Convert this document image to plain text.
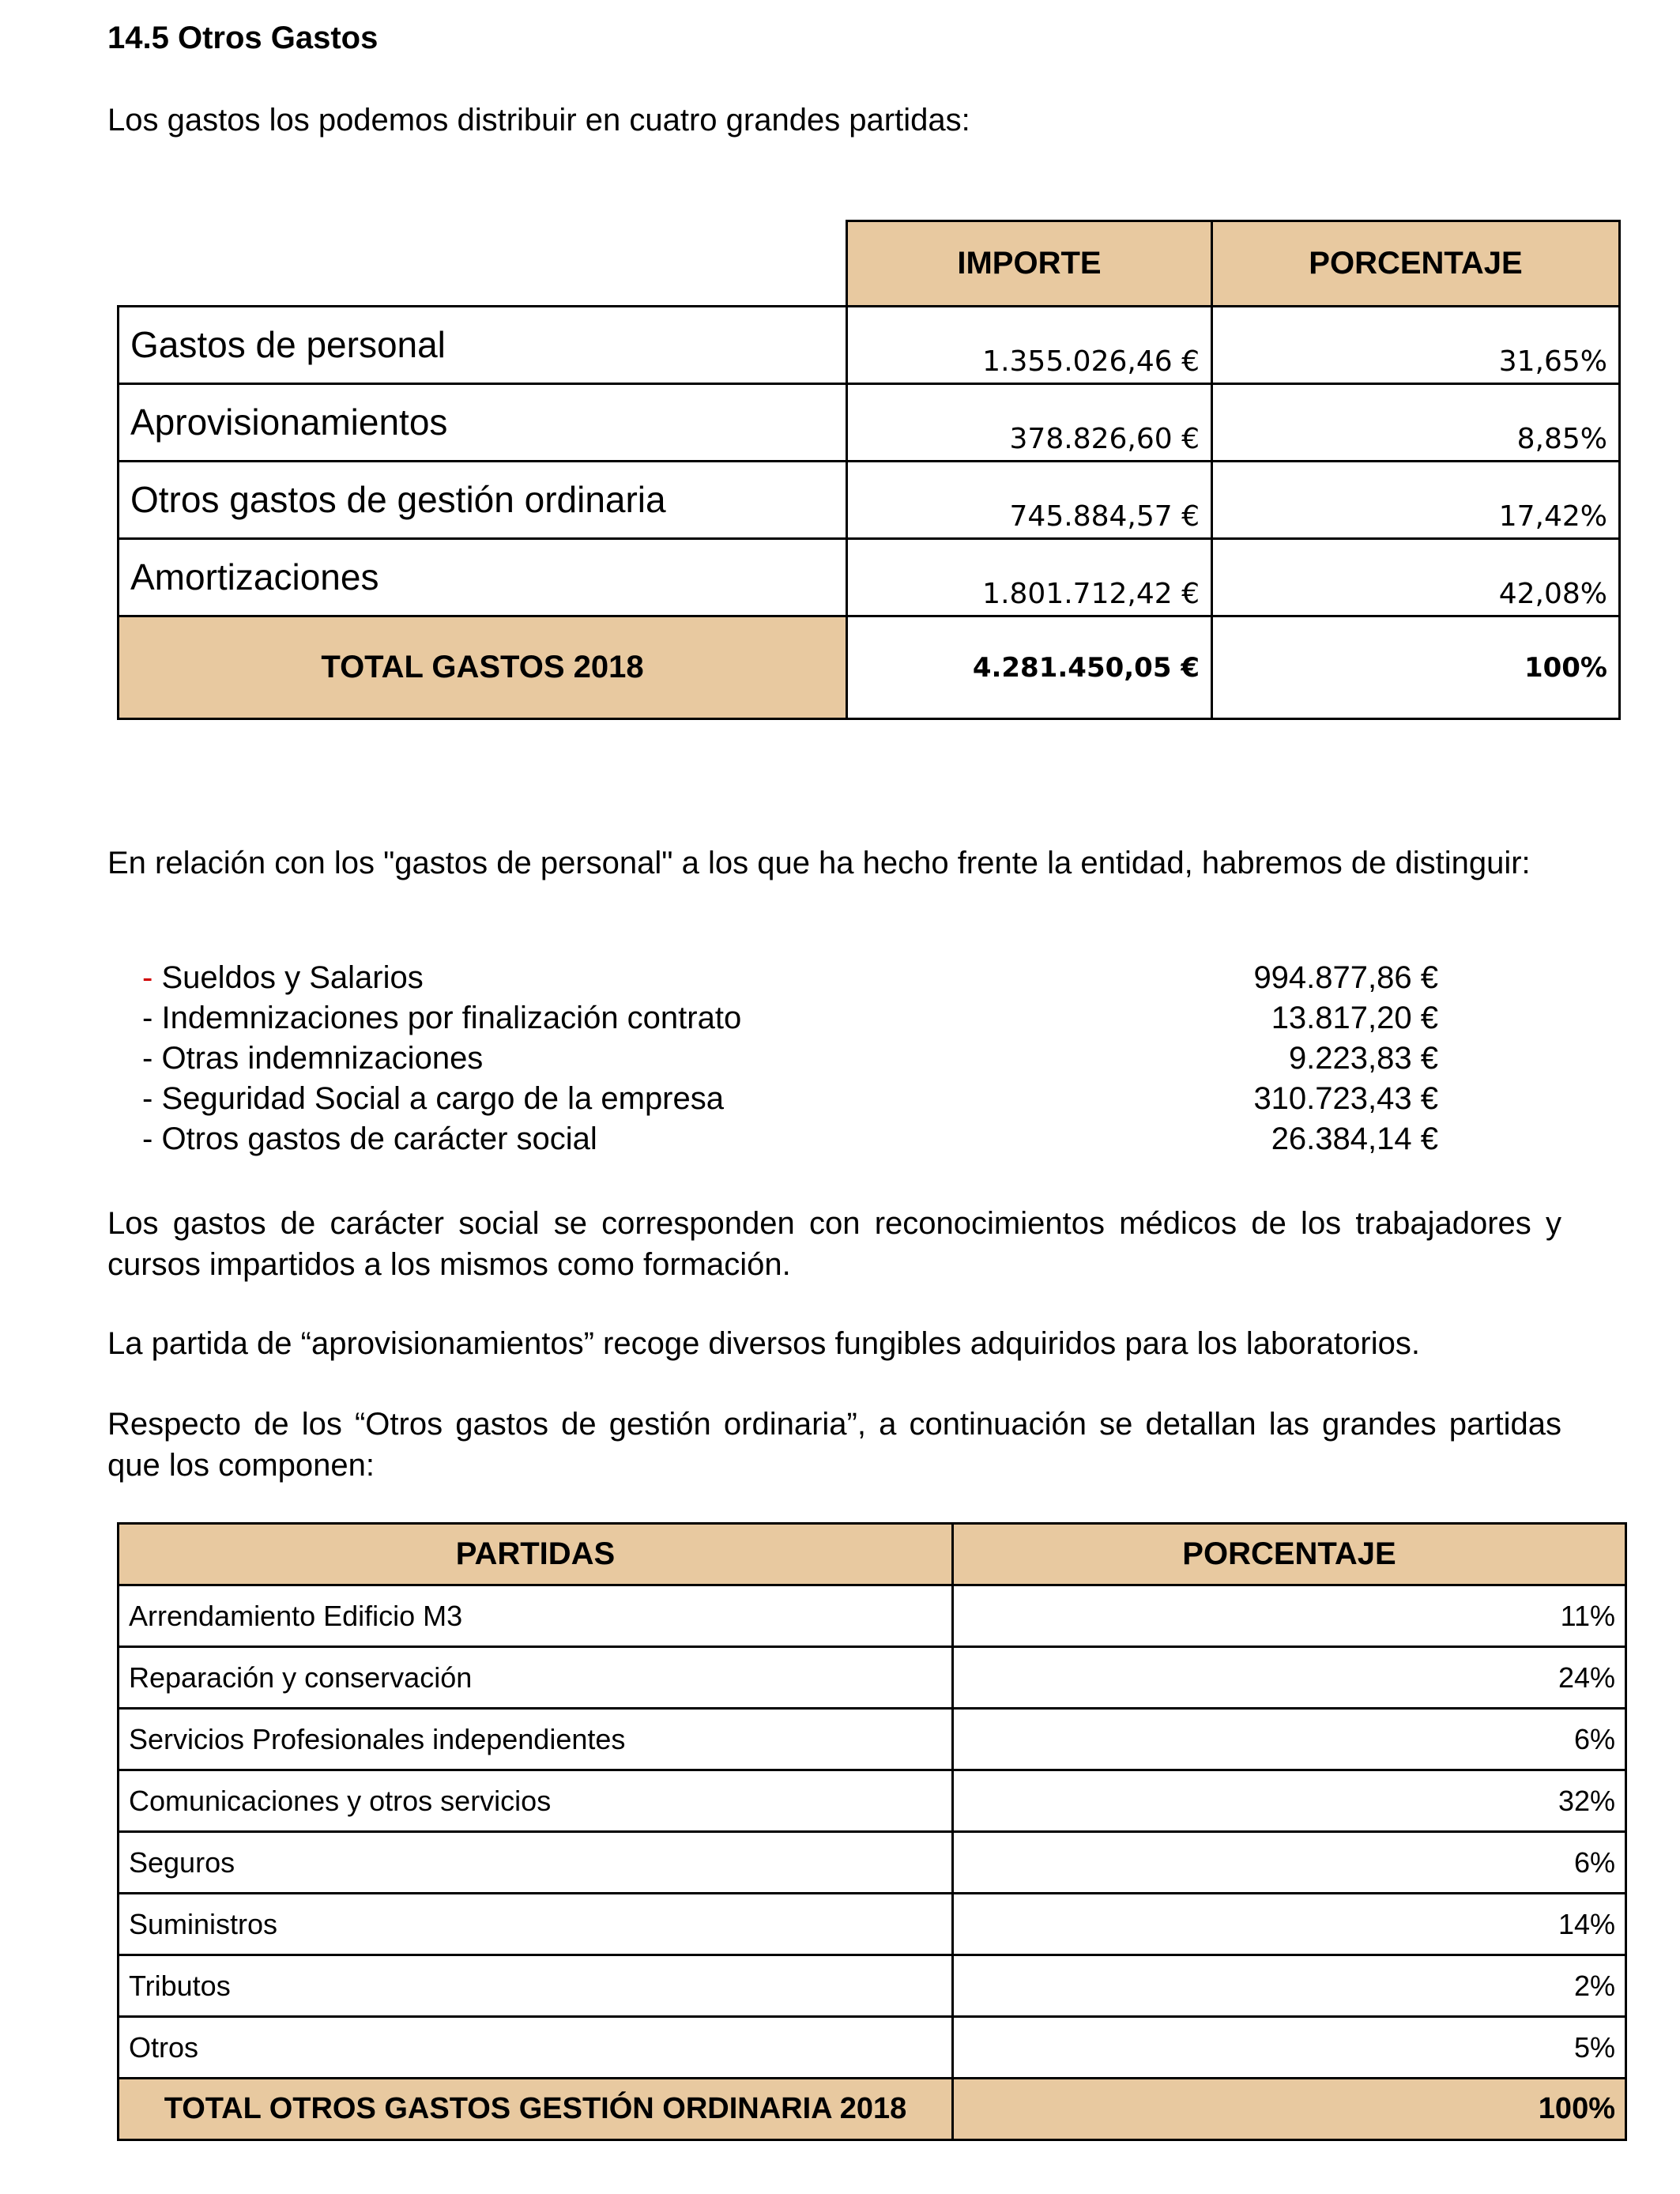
14.5 Otros Gastos
Los gastos los podemos distribuir en cuatro grandes partidas:
	IMPORTE	PORCENTAJE
Gastos de personal	1.355.026,46 €	31,65%
Aprovisionamientos	378.826,60 €	8,85%
Otros gastos de gestión ordinaria	745.884,57 €	17,42%
Amortizaciones	1.801.712,42 €	42,08%
TOTAL GASTOS 2018	4.281.450,05 €	100%
En relación con los "gastos de personal" a los que ha hecho frente la entidad, habremos de distinguir:
- Sueldos y Salarios	994.877,86 €
- Indemnizaciones por finalización contrato	13.817,20 €
- Otras indemnizaciones	9.223,83 €
- Seguridad Social a cargo de la empresa	310.723,43 €
- Otros gastos de carácter social	26.384,14 €
Los gastos de carácter social se corresponden con reconocimientos médicos de los trabajadores y cursos impartidos a los mismos como formación.
La partida de “aprovisionamientos” recoge diversos fungibles adquiridos para los laboratorios.
Respecto de los “Otros gastos de gestión ordinaria”, a continuación se detallan las grandes partidas que los componen:
PARTIDAS	PORCENTAJE
Arrendamiento Edificio M3	11%
Reparación y conservación	24%
Servicios Profesionales independientes	6%
Comunicaciones y otros servicios	32%
Seguros	6%
Suministros	14%
Tributos	2%
Otros	5%
TOTAL OTROS GASTOS GESTIÓN ORDINARIA 2018	100%
